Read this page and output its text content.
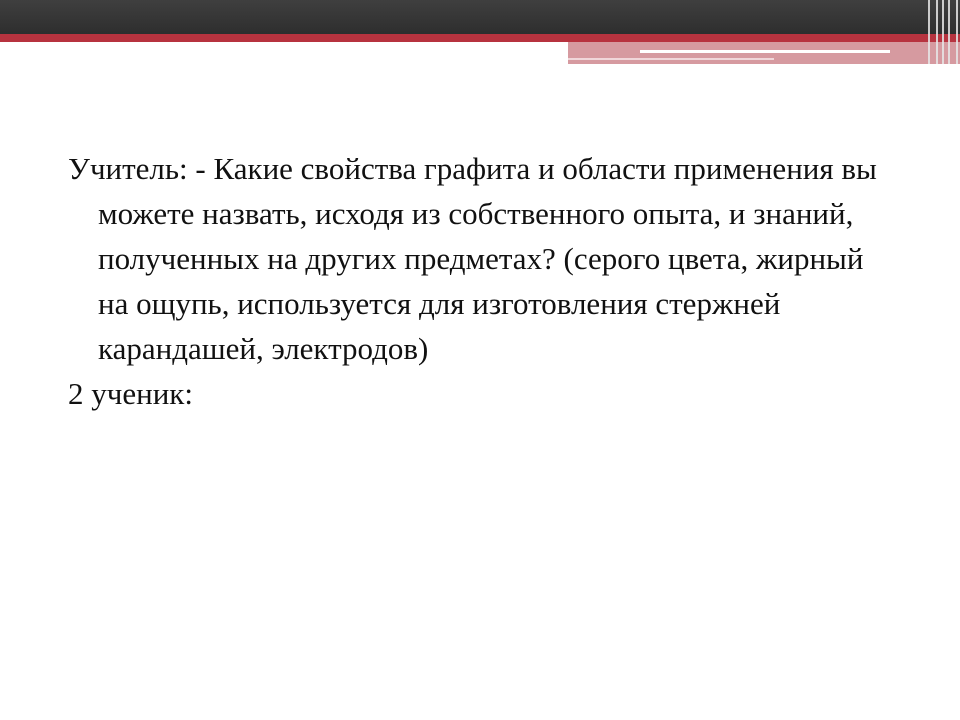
Учитель: - Какие свойства графита и области применения вы можете назвать, исходя из собственного опыта, и знаний, полученных на других предметах? (серого цвета, жирный на ощупь, используется для изготовления стержней карандашей, электродов)

2 ученик:
